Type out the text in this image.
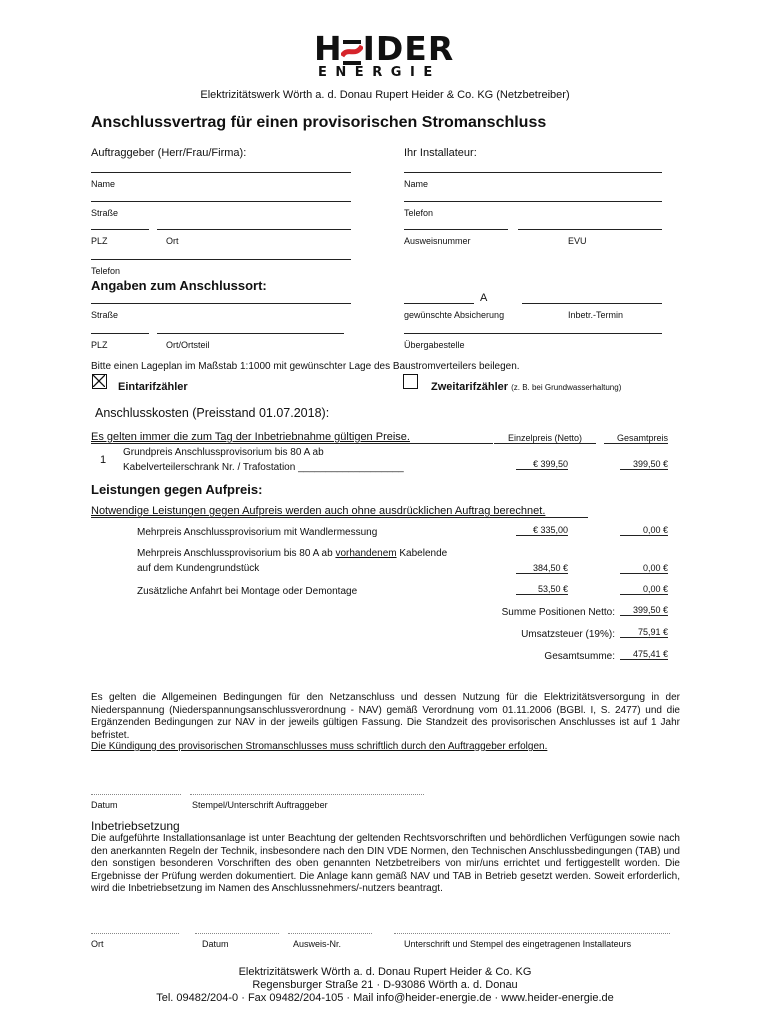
H IDER
E N E R G I E
Elektrizitätswerk Wörth a. d. Donau Rupert Heider & Co. KG (Netzbetreiber)
Anschlussvertrag für einen provisorischen Stromanschluss
Auftraggeber (Herr/Frau/Firma):	Ihr Installateur:
Name	Name
Straße	Telefon
PLZ	Ort	Ausweisnummer	EVU
Telefon
Angaben zum Anschlussort:
A
Straße	gewünschte Absicherung	Inbetr.-Termin
PLZ	Ort/Ortsteil	Übergabestelle
Bitte einen Lageplan im Maßstab 1:1000 mit gewünschter Lage des Baustromverteilers beilegen.
Eintarifzähler	Zweitarifzähler (z. B. bei Grundwasserhaltung)
Anschlusskosten (Preisstand 01.07.2018):
Es gelten immer die zum Tag der Inbetriebnahme gültigen Preise.	Einzelpreis (Netto)	Gesamtpreis
1
Grundpreis Anschlussprovisorium bis 80 A ab
Kabelverteilerschrank Nr. / Trafostation ___________________	€ 399,50	399,50 €
Leistungen gegen Aufpreis:
Notwendige Leistungen gegen Aufpreis werden auch ohne ausdrücklichen Auftrag berechnet.
Mehrpreis Anschlussprovisorium mit Wandlermessung	€ 335,00	0,00 €
Mehrpreis Anschlussprovisorium bis 80 A ab vorhandenem Kabelende
auf dem Kundengrundstück	384,50 €	0,00 €
Zusätzliche Anfahrt bei Montage oder Demontage	53,50 €	0,00 €
Summe Positionen Netto:	399,50 €
Umsatzsteuer (19%):	75,91 €
Gesamtsumme:	475,41 €
Es gelten die Allgemeinen Bedingungen für den Netzanschluss und dessen Nutzung für die Elektrizitätsversorgung in der Niederspannung (Niederspannungsanschlussverordnung - NAV) gemäß Verordnung vom 01.11.2006 (BGBl. I, S. 2477) und die Ergänzenden Bedingungen zur NAV in der jeweils gültigen Fassung. Die Standzeit des provisorischen Anschlusses ist auf 1 Jahr befristet.
Die Kündigung des provisorischen Stromanschlusses muss schriftlich durch den Auftraggeber erfolgen.
Datum	Stempel/Unterschrift Auftraggeber
Inbetriebsetzung
Die aufgeführte Installationsanlage ist unter Beachtung der geltenden Rechtsvorschriften und behördlichen Verfügungen sowie nach den anerkannten Regeln der Technik, insbesondere nach den DIN VDE Normen, den Technischen Anschlussbedingungen (TAB) und den sonstigen besonderen Vorschriften des oben genannten Netzbetreibers von mir/uns errichtet und fertiggestellt worden. Die Ergebnisse der Prüfung werden dokumentiert. Die Anlage kann gemäß NAV und TAB in Betrieb gesetzt werden. Soweit erforderlich, wird die Inbetriebsetzung im Namen des Anschlussnehmers/-nutzers beantragt.
Ort	Datum	Ausweis-Nr.	Unterschrift und Stempel des eingetragenen Installateurs
Elektrizitätswerk Wörth a. d. Donau Rupert Heider & Co. KG
Regensburger Straße 21 · D-93086 Wörth a. d. Donau
Tel. 09482/204-0 · Fax 09482/204-105 · Mail info@heider-energie.de · www.heider-energie.de
